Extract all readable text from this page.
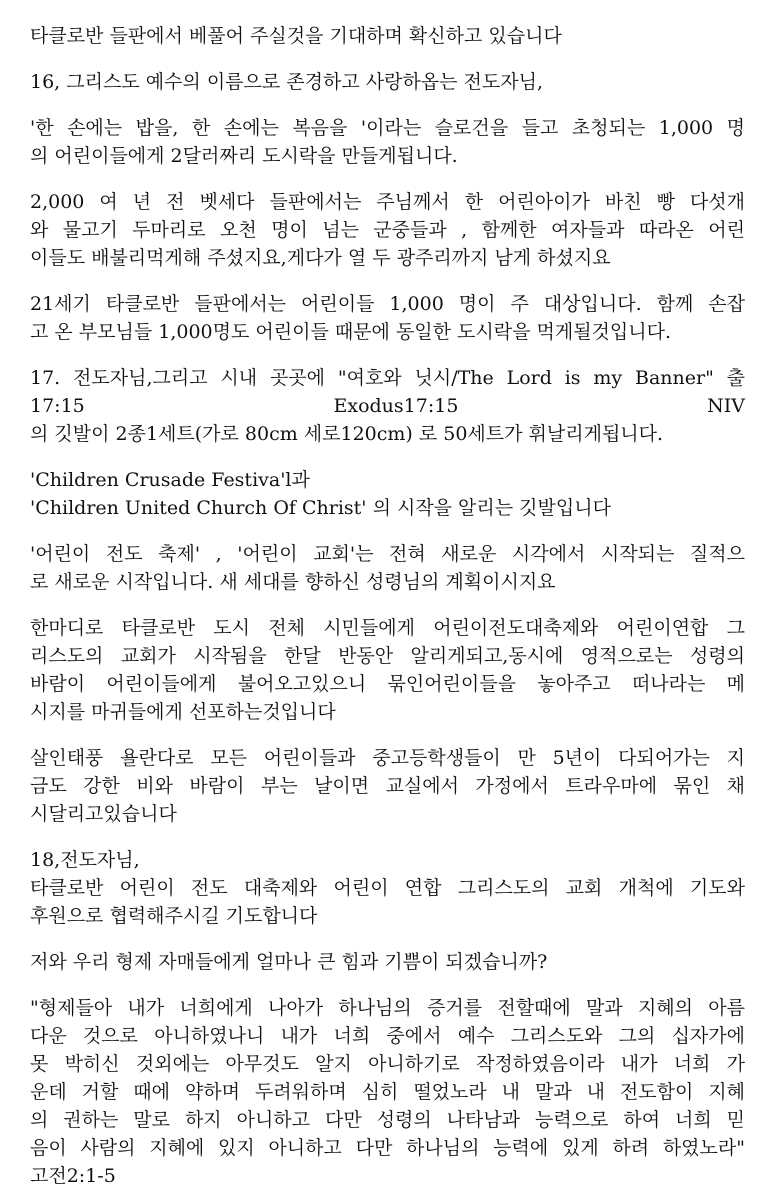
타클로반 들판에서 베풀어 주실것을 기대하며 확신하고 있습니다
16, 그리스도 예수의 이름으로 존경하고 사랑하옵는 전도자님,
'한 손에는 밥을, 한 손에는 복음을 '이라는 슬로건을 들고 초청되는 1,000 명
의 어린이들에게 2달러짜리 도시락을 만들게됩니다.
2,000 여 년 전 벳세다 들판에서는 주님께서 한 어린아이가 바친 빵 다섯개
와 물고기 두마리로 오천 명이 넘는 군중들과 , 함께한 여자들과 따라온 어린
이들도 배불리먹게해 주셨지요,게다가 열 두 광주리까지 남게 하셨지요
21세기 타클로반 들판에서는 어린이들 1,000 명이 주 대상입니다. 함께 손잡
고 온 부모님들 1,000명도 어린이들 때문에 동일한 도시락을 먹게될것입니다.
17. 전도자님,그리고 시내 곳곳에 "여호와 닛시/The Lord is my Banner" 출
17:15 Exodus17:15 NIV
의 깃발이 2종1세트(가로 80cm 세로120cm) 로 50세트가 휘날리게됩니다.
'Children Crusade Festiva'l과
'Children United Church Of Christ' 의 시작을 알리는 깃발입니다
'어린이 전도 축제' , '어린이 교회'는 전혀 새로운 시각에서 시작되는 질적으
로 새로운 시작입니다. 새 세대를 향하신 성령님의 계획이시지요
한마디로 타클로반 도시 전체 시민들에게 어린이전도대축제와 어린이연합 그
리스도의 교회가 시작됨을 한달 반동안 알리게되고,동시에 영적으로는 성령의
바람이 어린이들에게 불어오고있으니 묶인어린이들을 놓아주고 떠나라는 메
시지를 마귀들에게 선포하는것입니다
살인태풍 욜란다로 모든 어린이들과 중고등학생들이 만 5년이 다되어가는 지
금도 강한 비와 바람이 부는 날이면 교실에서 가정에서 트라우마에 묶인 채
시달리고있습니다
18,전도자님,
타클로반 어린이 전도 대축제와 어린이 연합 그리스도의 교회 개척에 기도와
후원으로 협력해주시길 기도합니다
저와 우리 형제 자매들에게 얼마나 큰 힘과 기쁨이 되겠습니까?
"형제들아 내가 너희에게 나아가 하나님의 증거를 전할때에 말과 지혜의 아름
다운 것으로 아니하였나니 내가 너희 중에서 예수 그리스도와 그의 십자가에
못 박히신 것외에는 아무것도 알지 아니하기로 작정하였음이라 내가 너희 가
운데 거할 때에 약하며 두려워하며 심히 떨었노라 내 말과 내 전도함이 지혜
의 권하는 말로 하지 아니하고 다만 성령의 나타남과 능력으로 하여 너희 믿
음이 사람의 지혜에 있지 아니하고 다만 하나님의 능력에 있게 하려 하였노라"
고전2:1-5
